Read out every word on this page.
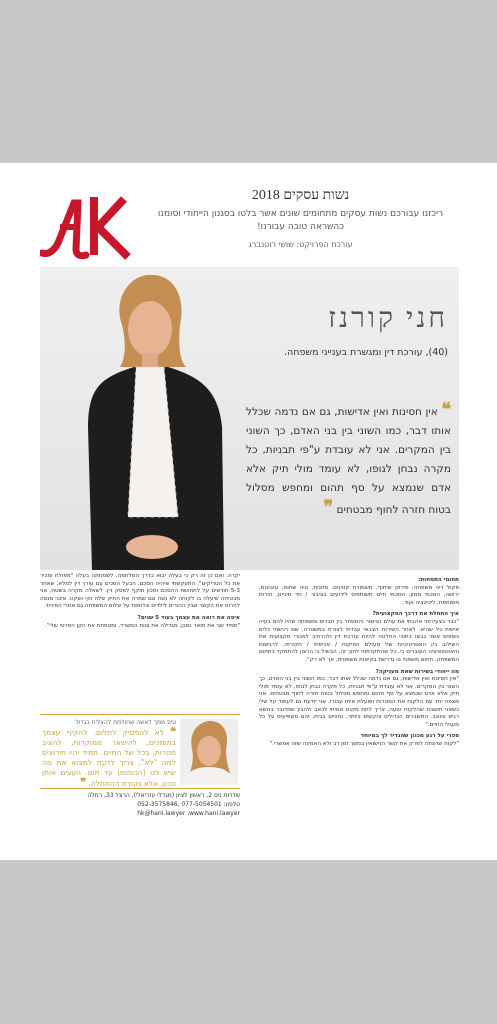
נשות עסקים 2018
ריכזנו עבורכם נשות עסקים מתחומים שונים אשר בלטו בסגנון הייחודי וסומנו כהשראה טובה עבורנו!
עורכת הפרויקט: שושי רוטנברג
חני קורנז
(40), עורכת דין ומגשרת בענייני משפחה.
❝ אין חסינות ואין אדישות, גם אם נדמה שכלל אותו דבר, כמו השוני בין בני האדם, כך השוני בין המקרים. אני לא עובדת ע"פי תבניות, כל מקרה נבחן לגופו, לא עומד מולי תיק אלא אדם שנמצא על סף תהום ומחפש מסלול בטוח חזרה לחוף מבטחים ❞
תחומי התמחות:
פקול דיני משפחה: פירוק שיתוף, משמורת קטינים, מזונות, וניני שחות, עזבונות, ירושה, הסכמי ממון, הסכמי חיים משותפים לידועים בציבור / חד מיניים, הורות משותפת, ליטיגציה ועוד.
איך התחלת את דרכך המקצועית?
"כבר בצעירותי אהבתי את עולם הגישור והמסחר בין חברים ומשפחה שהיו להם בעיה אישית כל שהיא. לאחר השירות הצבאי עבדתי לצורת במשטרה, שם רכשתי כלים נוספים אשר גבשו בתוכי החלטה להיות עורכת דין ולהרחיב למגורי מקצועית את השילוב בין האסרטיביות של מעולם הפיקוח / אכיפתי / חקירתי, לרגישות והאינטואיציה העוברים בי, כל שהתקדמתי לתוך זה, הבשיל בי הרצון להתמקד בתחום המשפחה, תחום משפטי בו נדרשת בקיאות משפטית, אך לא רק".
מה ייחודי בשירות שאת מעניקה?
"אין חסינות ואין אדישות, גם אם נדמה שכלל אותו דבר, כמו השוני בין בני האדם, כך השוני בין המקרים. אני לא עובדת ע"פי תבניות, כל מקרה נבחן לגופו, לא עומד מולי תיק אלא אדם שנמצא על סף תהום ומחפש מסלול בטוח חזרה לחוף מבטחים. אני מצפה יחד עם הלקוח את המטרות ופועלת איתו עבורו. אני יודעת גם לעמוד על שלי כשאני חושבת שהלקוח טועה, צריך לתת מקום אמיתי לכאב ולהבין שמדובר בנושא רגיש וכואב. המשברים הגדולים והקשים ביותר, נחוויים בבית, והם משפיעים על כל מעגלי החיים."
ספרי על רגע מכונן שהגדיר לך במיוחד
"לקוח שרצתה לפרק את קשר הנישואין במשך זמן רב ולא האמינה שזה אפשרי."
יקרה. ואם כן זה רק כי בעלה יבוא בדרך המלחמה. לשמחתה בעלה "מפולח ומכיר את כל הטריקים", התעקשתי שיהיה הסכם, הבעל הסכים עם עורך דין למלא, שאחר 5-3 חודשים על לתחושת ההסכם ומכון תוקף לפסק דין. לשאלה מקרה בשטח, אני מבטיחה שיעלה בו לקוחה לא נשה וגם שמרה את התיק שלה נקי ושקט. אינני מנסה להרוס את הקשר שבין ההורים לילדים ונלחמת על שלום המשפחה גם אחרי הפירוד.
איפה את רואה את עצמך בעוד 5 שנים?
"תמיד שני את תואר נסכן, מגדילה את צוות המשרד, ומטפחת את הקן הפרטי שלי".
טיפ ממך לאשה שחולמת להצליח בגדול
❝ לא להפסיק לחלום. להקיף עצמך בתומכים, להישאר ממוקדות, להציב מטרות, בכל של החיים. תמיד יהיו תירוצים למה "לא", צריך לדעת למצוא את מה שיש לנו (הכוחות) עד תום. העצים אותן ונכון, אלא נקודת ההתחלה. ❞
שדרות ניס 2, ראשון לציון (מגדלי עזריאלי), הרצל 33, רמלה
טלפון: 077-5054501 ,052-3575846
hk@hani.lawyer ,www.hani.lawyer
